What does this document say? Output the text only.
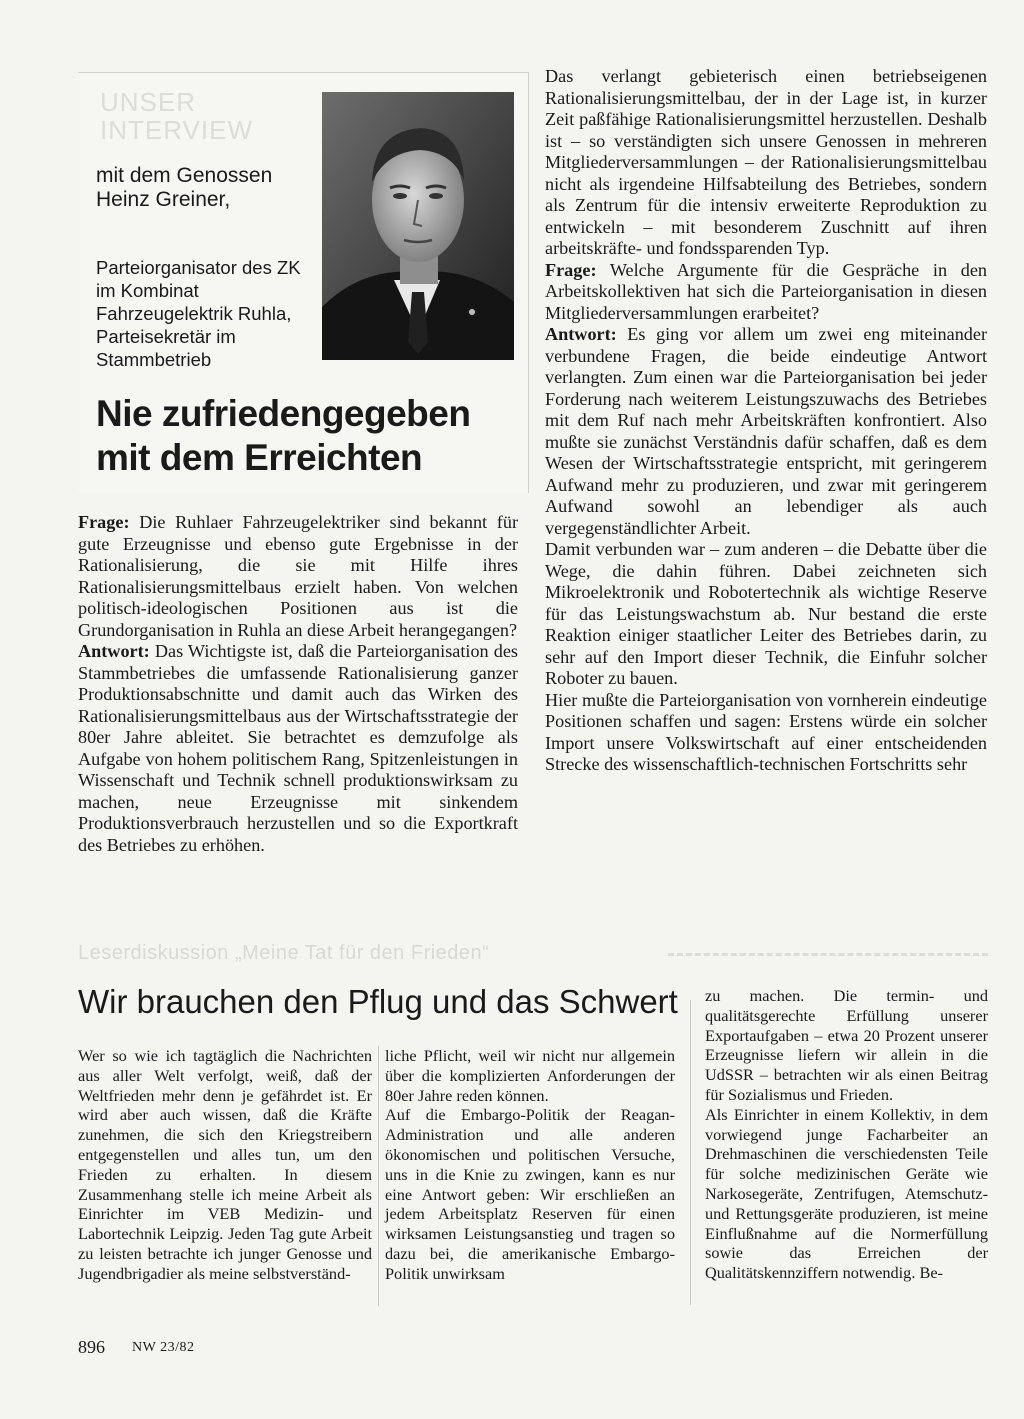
UNSER INTERVIEW
mit dem Genossen Heinz Greiner,
Parteiorganisator des ZK im Kombinat Fahrzeugelektrik Ruhla, Parteisekretär im Stammbetrieb
Nie zufriedengegeben mit dem Erreichten

Frage: Die Ruhlaer Fahrzeugelektriker sind bekannt für gute Erzeugnisse und ebenso gute Ergebnisse in der Rationalisierung, die sie mit Hilfe ihres Rationalisierungsmittelbaus erzielt haben. Von welchen politisch-ideologischen Positionen aus ist die Grundorganisation in Ruhla an diese Arbeit herangegangen?

Antwort: Das Wichtigste ist, daß die Parteiorganisation des Stammbetriebes die umfassende Rationalisierung ganzer Produktionsabschnitte und damit auch das Wirken des Rationalisierungsmittelbaus aus der Wirtschaftsstrategie der 80er Jahre ableitet. Sie betrachtet es demzufolge als Aufgabe von hohem politischem Rang, Spitzenleistungen in Wissenschaft und Technik schnell produktionswirksam zu machen, neue Erzeugnisse mit sinkendem Produktionsverbrauch herzustellen und so die Exportkraft des Betriebes zu erhöhen.

Das verlangt gebieterisch einen betriebseigenen Rationalisierungsmittelbau, der in der Lage ist, in kurzer Zeit paßfähige Rationalisierungsmittel herzustellen. Deshalb ist – so verständigten sich unsere Genossen in mehreren Mitgliederversammlungen – der Rationalisierungsmittelbau nicht als irgendeine Hilfsabteilung des Betriebes, sondern als Zentrum für die intensiv erweiterte Reproduktion zu entwickeln – mit besonderem Zuschnitt auf ihren arbeitskräfte- und fondssparenden Typ.

Frage: Welche Argumente für die Gespräche in den Arbeitskollektiven hat sich die Parteiorganisation in diesen Mitgliederversammlungen erarbeitet?

Antwort: Es ging vor allem um zwei eng miteinander verbundene Fragen, die beide eindeutige Antwort verlangten. Zum einen war die Parteiorganisation bei jeder Forderung nach weiterem Leistungszuwachs des Betriebes mit dem Ruf nach mehr Arbeitskräften konfrontiert. Also mußte sie zunächst Verständnis dafür schaffen, daß es dem Wesen der Wirtschaftsstrategie entspricht, mit geringerem Aufwand mehr zu produzieren, und zwar mit geringerem Aufwand sowohl an lebendiger als auch vergegenständlichter Arbeit.

Damit verbunden war – zum anderen – die Debatte über die Wege, die dahin führen. Dabei zeichneten sich Mikroelektronik und Robotertechnik als wichtige Reserve für das Leistungswachstum ab. Nur bestand die erste Reaktion einiger staatlicher Leiter des Betriebes darin, zu sehr auf den Import dieser Technik, die Einfuhr solcher Roboter zu bauen.

Hier mußte die Parteiorganisation von vornherein eindeutige Positionen schaffen und sagen: Erstens würde ein solcher Import unsere Volkswirtschaft auf einer entscheidenden Strecke des wissenschaftlich-technischen Fortschritts sehr

Leserdiskussion „Meine Tat für den Frieden“
Wir brauchen den Pflug und das Schwert

Wer so wie ich tagtäglich die Nachrichten aus aller Welt verfolgt, weiß, daß der Weltfrieden mehr denn je gefährdet ist. Er wird aber auch wissen, daß die Kräfte zunehmen, die sich den Kriegstreibern entgegenstellen und alles tun, um den Frieden zu erhalten. In diesem Zusammenhang stelle ich meine Arbeit als Einrichter im VEB Medizin- und Labortechnik Leipzig. Jeden Tag gute Arbeit zu leisten betrachte ich junger Genosse und Jugendbrigadier als meine selbstverständ-

liche Pflicht, weil wir nicht nur allgemein über die komplizierten Anforderungen der 80er Jahre reden können.

Auf die Embargo-Politik der Reagan-Administration und alle anderen ökonomischen und politischen Versuche, uns in die Knie zu zwingen, kann es nur eine Antwort geben: Wir erschließen an jedem Arbeitsplatz Reserven für einen wirksamen Leistungsanstieg und tragen so dazu bei, die amerikanische Embargo-Politik unwirksam

zu machen. Die termin- und qualitätsgerechte Erfüllung unserer Exportaufgaben – etwa 20 Prozent unserer Erzeugnisse liefern wir allein in die UdSSR – betrachten wir als einen Beitrag für Sozialismus und Frieden.

Als Einrichter in einem Kollektiv, in dem vorwiegend junge Facharbeiter an Drehmaschinen die verschiedensten Teile für solche medizinischen Geräte wie Narkosegeräte, Zentrifugen, Atemschutz- und Rettungsgeräte produzieren, ist meine Einflußnahme auf die Normerfüllung sowie das Erreichen der Qualitätskennziffern notwendig. Be-

896 NW 23/82
